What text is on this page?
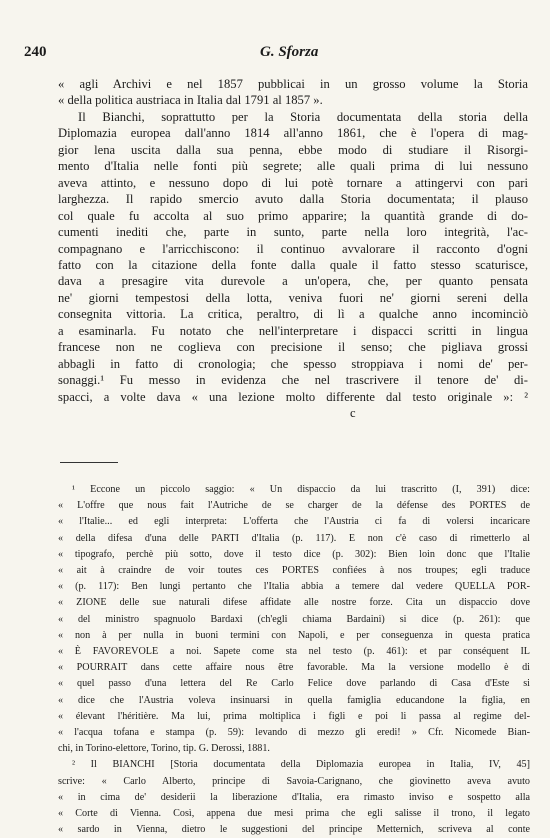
240	G. Sforza

« agli Archivi e nel 1857 pubblicai in un grosso volume la Storia
« della politica austriaca in Italia dal 1791 al 1857 ».

Il Bianchi, soprattutto per la Storia documentata della storia della
Diplomazia europea dall'anno 1814 all'anno 1861, che è l'opera di mag-
gior lena uscita dalla sua penna, ebbe modo di studiare il Risorgi-
mento d'Italia nelle fonti più segrete; alle quali prima di lui nessuno
aveva attinto, e nessuno dopo di lui potè tornare a attingervi con pari
larghezza. Il rapido smercio avuto dalla Storia documentata; il plauso
col quale fu accolta al suo primo apparire; la quantità grande di do-
cumenti inediti che, parte in sunto, parte nella loro integrità, l'ac-
compagnano e l'arricchiscono: il continuo avvalorare il racconto d'ogni
fatto con la citazione della fonte dalla quale il fatto stesso scaturisce,
dava a presagire vita durevole a un'opera, che, per quanto pensata
ne' giorni tempestosi della lotta, veniva fuori ne' giorni sereni della
consegnita vittoria. La critica, peraltro, di lì a qualche anno incominciò
a esaminarla. Fu notato che nell'interpretare i dispacci scritti in lingua
francese non ne coglieva con precisione il senso; che pigliava grossi
abbagli in fatto di cronologia; che spesso stroppiava i nomi de' per-
sonaggi.¹ Fu messo in evidenza che nel trascrivere il tenore de' di-
spacci, a volte dava « una lezione molto differente dal testo originale »: ²
c

¹ Eccone un piccolo saggio: « Un dispaccio da lui trascritto (I, 391) dice:
« L'offre que nous fait l'Autriche de se charger de la défense des PORTES de
« l'Italie... ed egli interpreta: L'offerta che l'Austria ci fa di volersi incaricare
« della difesa d'una delle PARTI d'Italia (p. 117). E non c'è caso di rimetterlo al
« tipografo, perchè più sotto, dove il testo dice (p. 302): Bien loin donc que l'Italie
« ait à craindre de voir toutes ces PORTES confiées à nos troupes; egli traduce
« (p. 117): Ben lungi pertanto che l'Italia abbia a temere dal vedere QUELLA POR-
« ZIONE delle sue naturali difese affidate alle nostre forze. Cita un dispaccio dove
« del ministro spagnuolo Bardaxi (ch'egli chiama Bardaini) si dice (p. 261): que
« non à per nulla in buoni termini con Napoli, e per conseguenza in questa pratica
« È FAVOREVOLE a noi. Sapete come sta nel testo (p. 461): et par conséquent IL
« POURRAIT dans cette affaire nous être favorable. Ma la versione modello è di
« quel passo d'una lettera del Re Carlo Felice dove parlando di Casa d'Este si
« dice che l'Austria voleva insinuarsi in quella famiglia educandone la figlia, en
« élevant l'héritière. Ma lui, prima moltiplica i figli e poi li passa al regime del-
« l'acqua tofana e stampa (p. 59): levando di mezzo gli eredi! » Cfr. Nicomede Bian-
chi, in Torino-elettore, Torino, tip. G. Derossi, 1881.

² Il BIANCHI [Storia documentata della Diplomazia europea in Italia, IV, 45]
scrive: « Carlo Alberto, principe di Savoia-Carignano, che giovinetto aveva avuto
« in cima de' desiderii la liberazione d'Italia, era rimasto inviso e sospetto alla
« Corte di Vienna. Così, appena due mesi prima che egli salisse il trono, il legato
« sardo in Vienna, dietro le suggestioni del principe Metternich, scriveva al conte
